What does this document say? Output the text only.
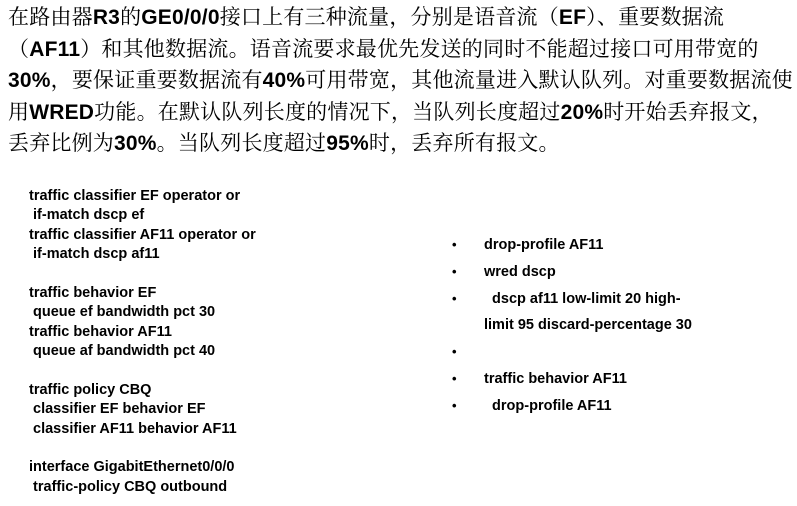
在路由器R3的GE0/0/0接口上有三种流量，分别是语音流（EF）、重要数据流（AF11）和其他数据流。语音流要求最优先发送的同时不能超过接口可用带宽的30%，要保证重要数据流有40%可用带宽，其他流量进入默认队列。对重要数据流使用WRED功能。在默认队列长度的情况下，当队列长度超过20%时开始丢弃报文，丢弃比例为30%。当队列长度超过95%时，丢弃所有报文。
traffic classifier EF operator or
if-match dscp ef
traffic classifier AF11 operator or
if-match dscp af11
traffic behavior EF
queue ef bandwidth pct 30
traffic behavior AF11
queue af bandwidth pct 40
traffic policy CBQ
classifier EF behavior EF
classifier AF11 behavior AF11
interface GigabitEthernet0/0/0
traffic-policy CBQ outbound
• drop-profile AF11
• wred dscp
• dscp af11 low-limit 20 high-
limit 95 discard-percentage 30
•
• traffic behavior AF11
• drop-profile AF11
